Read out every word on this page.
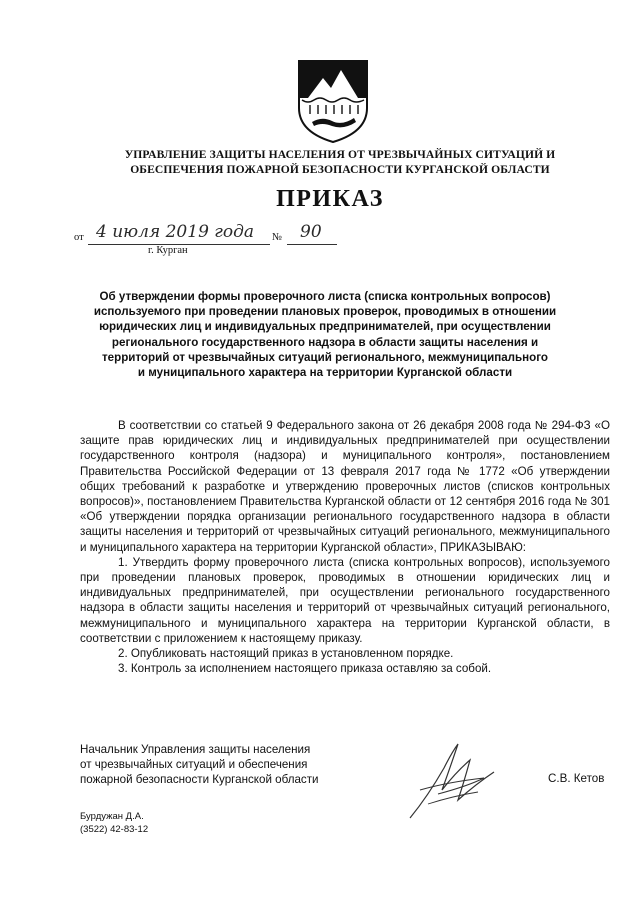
УПРАВЛЕНИЕ ЗАЩИТЫ НАСЕЛЕНИЯ ОТ ЧРЕЗВЫЧАЙНЫХ СИТУАЦИЙ И
ОБЕСПЕЧЕНИЯ ПОЖАРНОЙ БЕЗОПАСНОСТИ КУРГАНСКОЙ ОБЛАСТИ
ПРИКАЗ
от 4 июля 2019 года № 90
г. Курган
Об утверждении формы проверочного листа (списка контрольных вопросов)
используемого при проведении плановых проверок, проводимых в отношении
юридических лиц и индивидуальных предпринимателей, при осуществлении
регионального государственного надзора в области защиты населения и
территорий от чрезвычайных ситуаций регионального, межмуниципального
и муниципального характера на территории Курганской области

В соответствии со статьей 9 Федерального закона от 26 декабря 2008 года № 294-ФЗ «О защите прав юридических лиц и индивидуальных предпринимателей при осуществлении государственного контроля (надзора) и муниципального контроля», постановлением Правительства Российской Федерации от 13 февраля 2017 года № 1772 «Об утверждении общих требований к разработке и утверждению проверочных листов (списков контрольных вопросов)», постановлением Правительства Курганской области от 12 сентября 2016 года № 301 «Об утверждении порядка организации регионального государственного надзора в области защиты населения и территорий от чрезвычайных ситуаций регионального, межмуниципального и муниципального характера на территории Курганской области», ПРИКАЗЫВАЮ:

1. Утвердить форму проверочного листа (списка контрольных вопросов), используемого при проведении плановых проверок, проводимых в отношении юридических лиц и индивидуальных предпринимателей, при осуществлении регионального государственного надзора в области защиты населения и территорий от чрезвычайных ситуаций регионального, межмуниципального и муниципального характера на территории Курганской области, в соответствии с приложением к настоящему приказу.

2. Опубликовать настоящий приказ в установленном порядке.

3. Контроль за исполнением настоящего приказа оставляю за собой.

Начальник Управления защиты населения
от чрезвычайных ситуаций и обеспечения
пожарной безопасности Курганской области	С.В. Кетов
Бурдужан Д.А.
(3522) 42-83-12
